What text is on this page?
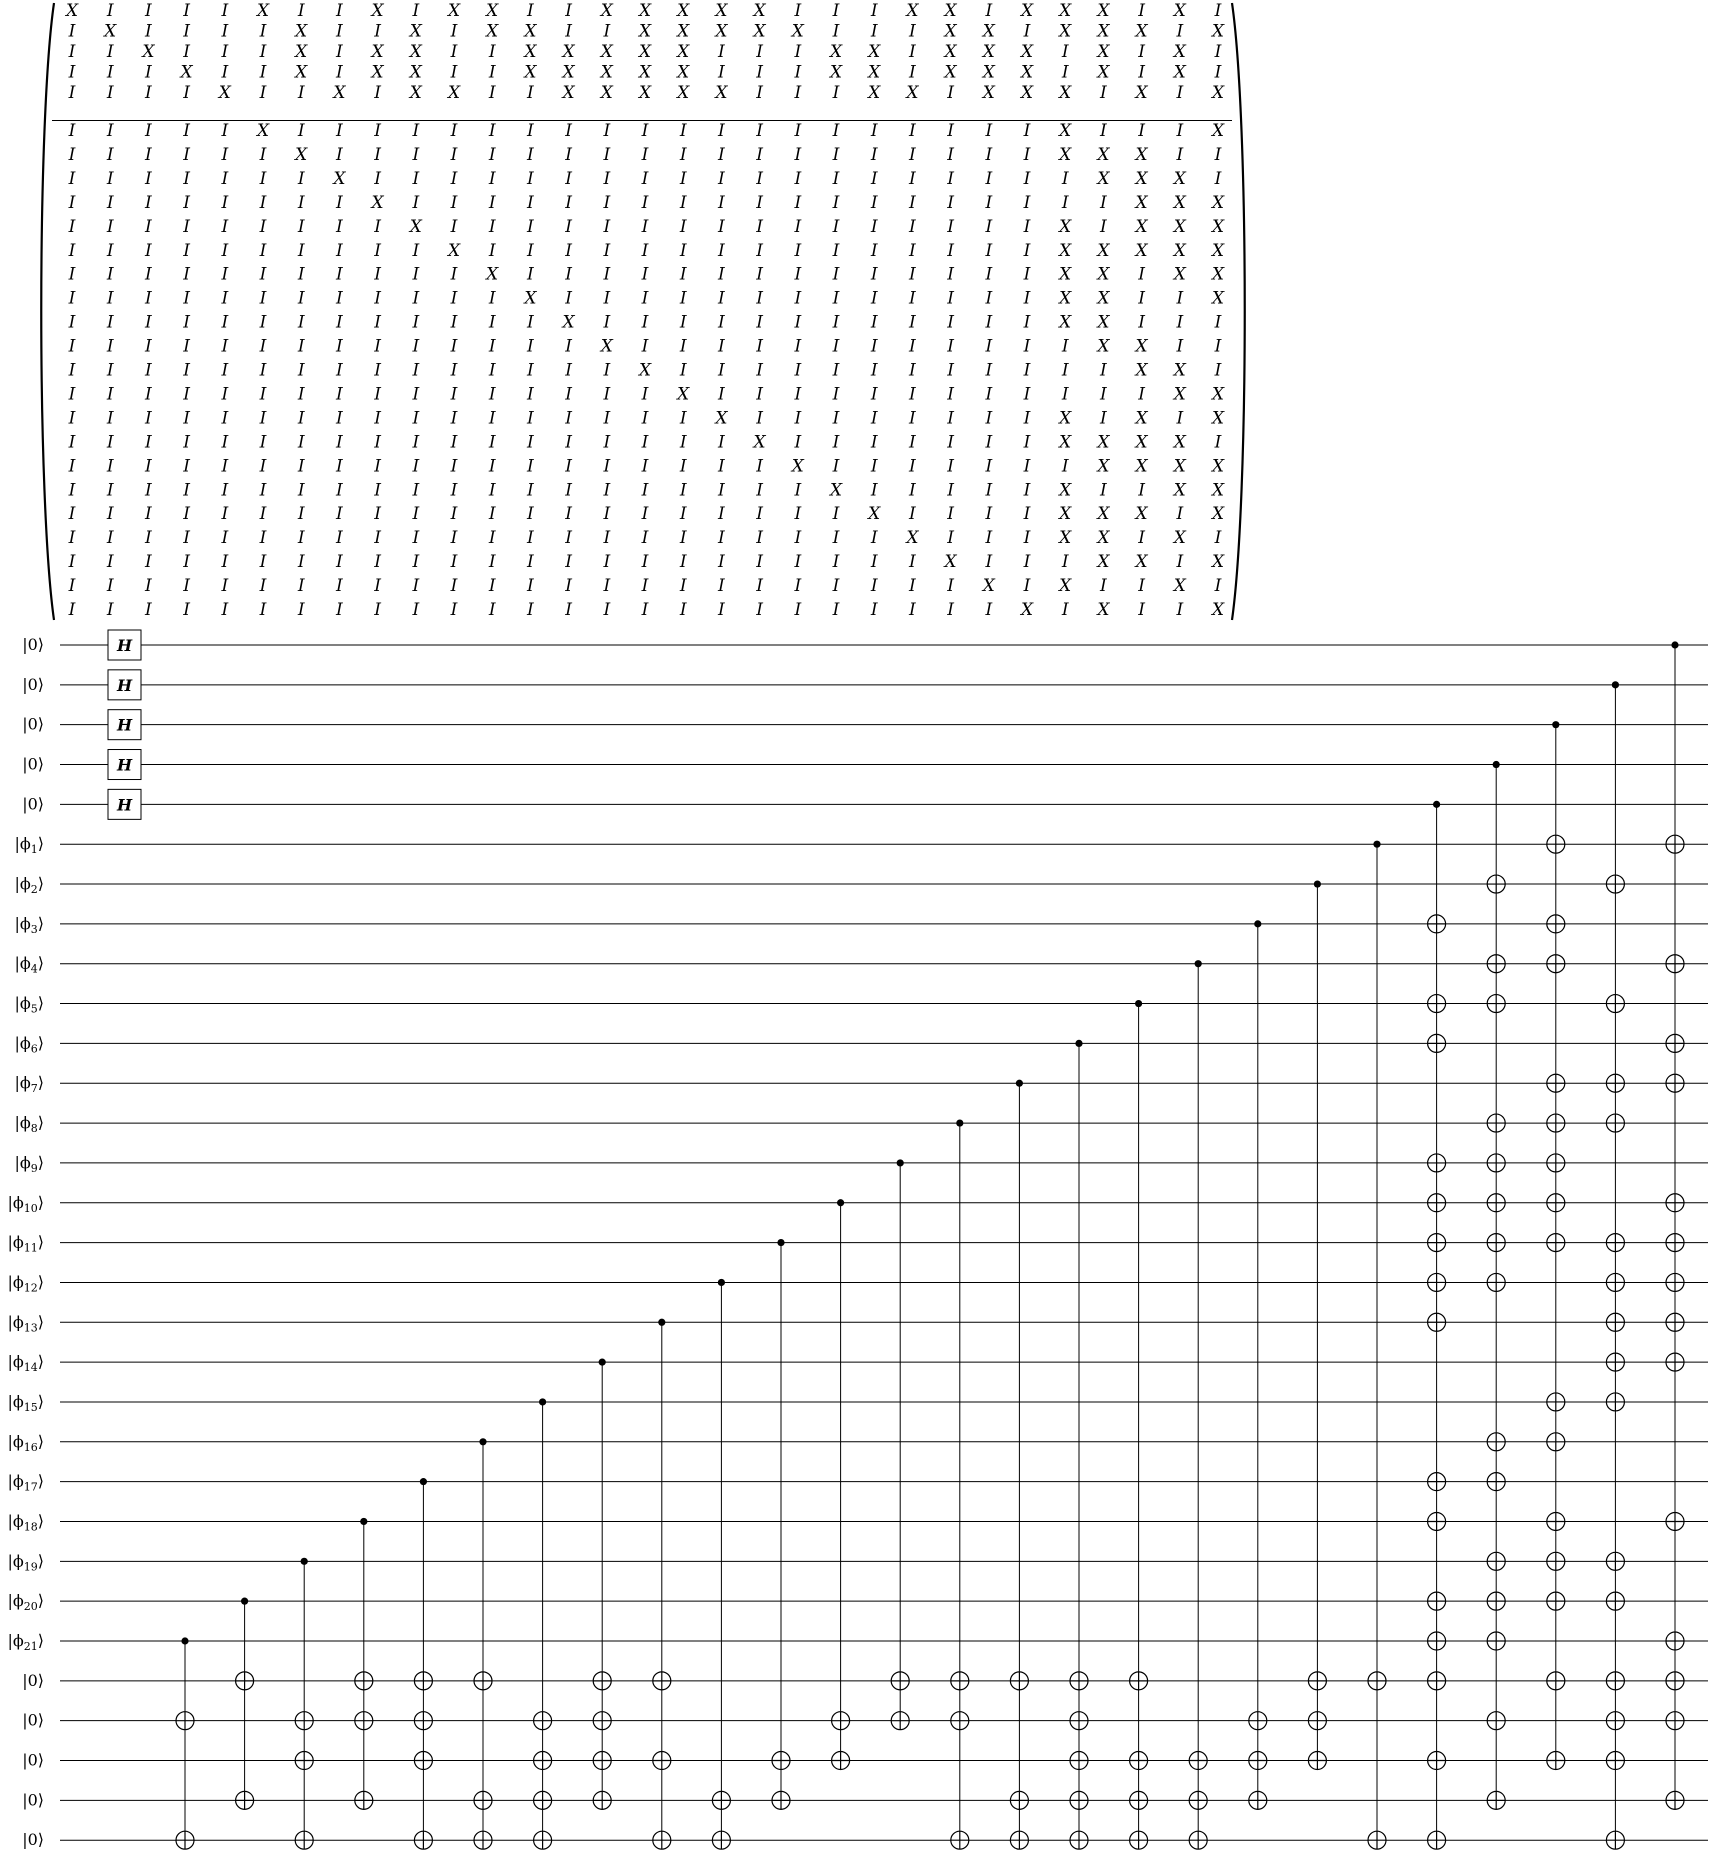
X I I I I X I I X I X X I I X X X X X I I I X X I X X X I X I
I X I I I I X I I X I X X I I X X X X X I I I X X I X X X I X
I I X I I I X I X X I I X X X X X I I I X X I X X X I X I X I
I I I X I I X I X X I I X X X X X I I I X X I X X X I X I X I
I I I I X I I X I X X I I X X X X X I I I X X I X X X I X I X
I I I I I X I I I I I I I I I I I I I I I I I I I I X I I I X
I I I I I I X I I I I I I I I I I I I I I I I I I I X X X I I
I I I I I I I X I I I I I I I I I I I I I I I I I I I X X X I
I I I I I I I I X I I I I I I I I I I I I I I I I I I I X X X
I I I I I I I I I X I I I I I I I I I I I I I I I I X I X X X
I I I I I I I I I I X I I I I I I I I I I I I I I I X X X X X
I I I I I I I I I I I X I I I I I I I I I I I I I I X X I X X
I I I I I I I I I I I I X I I I I I I I I I I I I I X X I I X
I I I I I I I I I I I I I X I I I I I I I I I I I I X X I I I
I I I I I I I I I I I I I I X I I I I I I I I I I I I X X I I
I I I I I I I I I I I I I I I X I I I I I I I I I I I I X X I
I I I I I I I I I I I I I I I I X I I I I I I I I I I I I X X
I I I I I I I I I I I I I I I I I X I I I I I I I I X I X I X
I I I I I I I I I I I I I I I I I I X I I I I I I I X X X X I
I I I I I I I I I I I I I I I I I I I X I I I I I I I X X X X
I I I I I I I I I I I I I I I I I I I I X I I I I I X I I X X
I I I I I I I I I I I I I I I I I I I I I X I I I I X X X I X
I I I I I I I I I I I I I I I I I I I I I I X I I I X X I X I
I I I I I I I I I I I I I I I I I I I I I I I X I I I X X I X
I I I I I I I I I I I I I I I I I I I I I I I I X I X I I X I
I I I I I I I I I I I I I I I I I I I I I I I I I X I X I I X
|0⟩
|0⟩
|0⟩
|0⟩
|0⟩
$|\phi_1⟩$
$|\phi_2⟩$
$|\phi_3⟩$
$|\phi_4⟩$
$|\phi_5⟩$
$|\phi_6⟩$
$|\phi_7⟩$
$|\phi_8⟩$
$|\phi_9⟩$
$|\phi_{10}⟩$
$|\phi_{11}⟩$
$|\phi_{12}⟩$
$|\phi_{13}⟩$
$|\phi_{14}⟩$
$|\phi_{15}⟩$
$|\phi_{16}⟩$
$|\phi_{17}⟩$
$|\phi_{18}⟩$
$|\phi_{19}⟩$
$|\phi_{20}⟩$
$|\phi_{21}⟩$
|0⟩
|0⟩
|0⟩
|0⟩
|0⟩
H
H
H
H
H
